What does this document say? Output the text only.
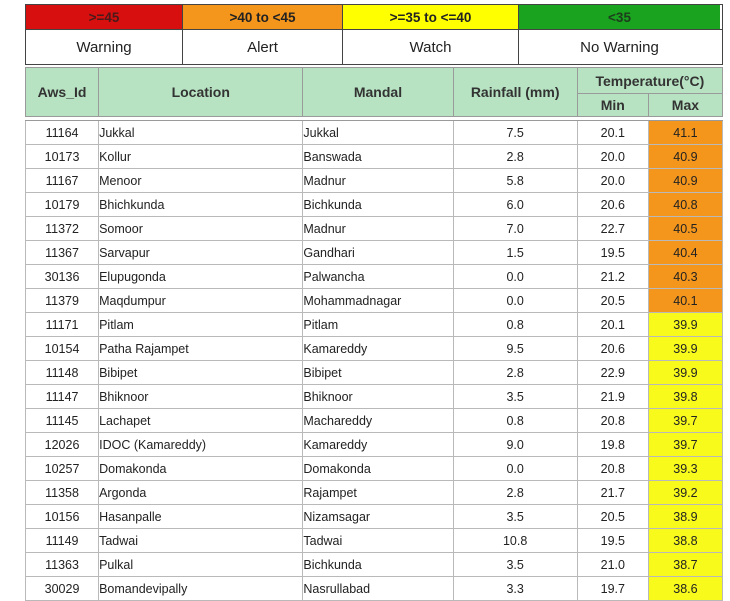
>=45	>40 to <45	>=35 to <=40	<35
Warning	Alert	Watch	No Warning
Aws_Id	Location	Mandal	Rainfall (mm)	Temperature(°C)	
				Min	Max

11164	Jukkal	Jukkal	7.5	20.1	41.1
10173	Kollur	Banswada	2.8	20.0	40.9
11167	Menoor	Madnur	5.8	20.0	40.9
10179	Bhichkunda	Bichkunda	6.0	20.6	40.8
11372	Somoor	Madnur	7.0	22.7	40.5
11367	Sarvapur	Gandhari	1.5	19.5	40.4
30136	Elupugonda	Palwancha	0.0	21.2	40.3
11379	Maqdumpur	Mohammadnagar	0.0	20.5	40.1
11171	Pitlam	Pitlam	0.8	20.1	39.9
10154	Patha Rajampet	Kamareddy	9.5	20.6	39.9
11148	Bibipet	Bibipet	2.8	22.9	39.9
11147	Bhiknoor	Bhiknoor	3.5	21.9	39.8
11145	Lachapet	Machareddy	0.8	20.8	39.7
12026	IDOC (Kamareddy)	Kamareddy	9.0	19.8	39.7
10257	Domakonda	Domakonda	0.0	20.8	39.3
11358	Argonda	Rajampet	2.8	21.7	39.2
10156	Hasanpalle	Nizamsagar	3.5	20.5	38.9
11149	Tadwai	Tadwai	10.8	19.5	38.8
11363	Pulkal	Bichkunda	3.5	21.0	38.7
30029	Bomandevipally	Nasrullabad	3.3	19.7	38.6
